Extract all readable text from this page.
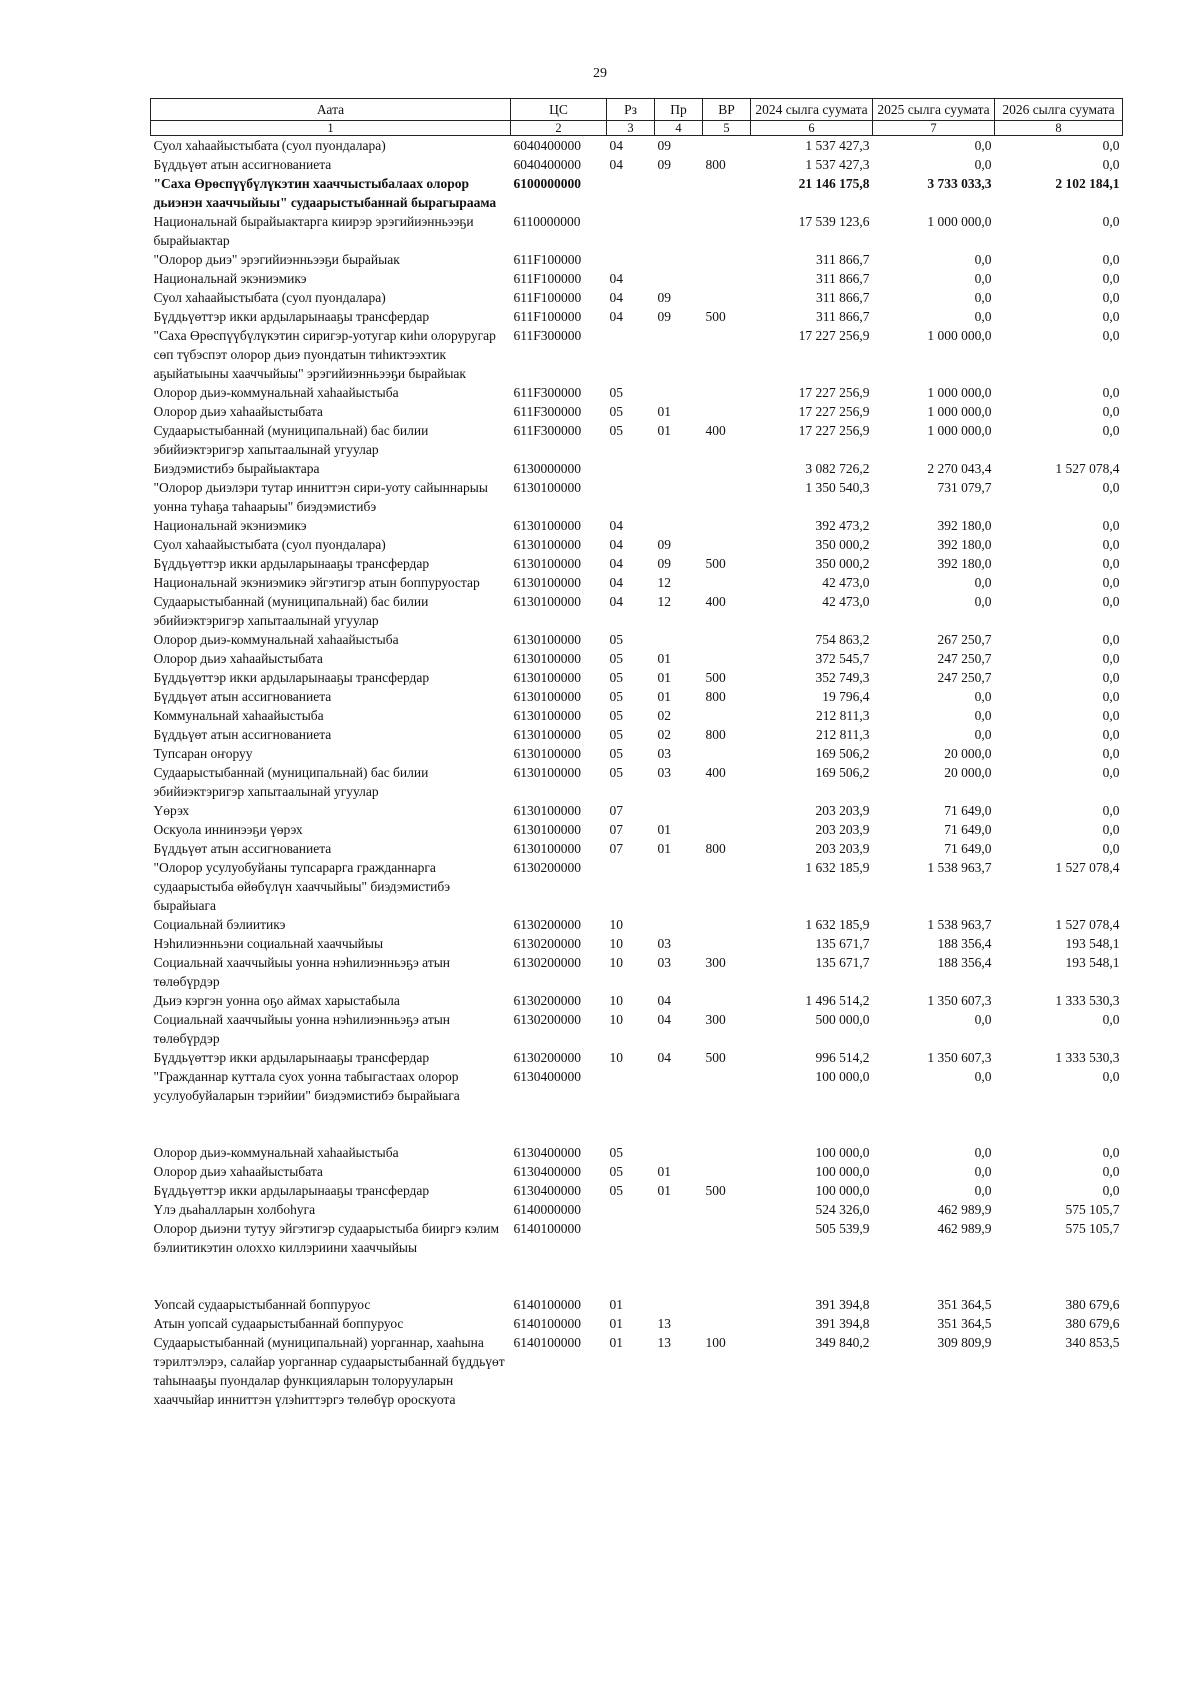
29
Аата	ЦС	Рз	Пр	ВР	2024 сылга суумата	2025 сылга суумата	2026 сылга суумата
1	2	3	4	5	6	7	8
Суол хаһаайыстыбата (суол пуондалара)	6040400000	04	09		1 537 427,3	0,0	0,0
Бүддьүөт атын ассигнованиета	6040400000	04	09	800	1 537 427,3	0,0	0,0
"Саха Өрөспүүбүлүкэтин хааччыстыбалаах олорор дьиэнэн хааччыйыы" судаарыстыбаннай бырагыраама	6100000000				21 146 175,8	3 733 033,3	2 102 184,1
Национальнай бырайыактарга киирэр эрэгийиэнньээҕи бырайыактар	6110000000				17 539 123,6	1 000 000,0	0,0
"Олорор дьиэ" эрэгийиэнньээҕи бырайыак	611F100000				311 866,7	0,0	0,0
Национальнай экэниэмикэ	611F100000	04			311 866,7	0,0	0,0
Суол хаһаайыстыбата (суол пуондалара)	611F100000	04	09		311 866,7	0,0	0,0
Бүддьүөттэр икки ардыларынааҕы трансфердар	611F100000	04	09	500	311 866,7	0,0	0,0
"Саха Өрөспүүбүлүкэтин сиригэр-уотугар киһи олоруругар сөп түбэспэт олорор дьиэ пуондатын тиһиктээхтик аҕыйатыыны хааччыйыы" эрэгийиэнньээҕи бырайыак	611F300000				17 227 256,9	1 000 000,0	0,0
Олорор дьиэ-коммунальнай хаһаайыстыба	611F300000	05			17 227 256,9	1 000 000,0	0,0
Олорор дьиэ хаһаайыстыбата	611F300000	05	01		17 227 256,9	1 000 000,0	0,0
Судаарыстыбаннай (муниципальнай) бас билии эбийиэктэригэр хапытаалынай угуулар	611F300000	05	01	400	17 227 256,9	1 000 000,0	0,0
Биэдэмистибэ бырайыактара	6130000000				3 082 726,2	2 270 043,4	1 527 078,4
"Олорор дьиэлэри тутар инниттэн сири-уоту сайыннарыы уонна туһаҕа таһаарыы" биэдэмистибэ	6130100000				1 350 540,3	731 079,7	0,0
Национальнай экэниэмикэ	6130100000	04			392 473,2	392 180,0	0,0
Суол хаһаайыстыбата (суол пуондалара)	6130100000	04	09		350 000,2	392 180,0	0,0
Бүддьүөттэр икки ардыларынааҕы трансфердар	6130100000	04	09	500	350 000,2	392 180,0	0,0
Национальнай экэниэмикэ эйгэтигэр атын боппуруостар	6130100000	04	12		42 473,0	0,0	0,0
Судаарыстыбаннай (муниципальнай) бас билии эбийиэктэригэр хапытаалынай угуулар	6130100000	04	12	400	42 473,0	0,0	0,0
Олорор дьиэ-коммунальнай хаһаайыстыба	6130100000	05			754 863,2	267 250,7	0,0
Олорор дьиэ хаһаайыстыбата	6130100000	05	01		372 545,7	247 250,7	0,0
Бүддьүөттэр икки ардыларынааҕы трансфердар	6130100000	05	01	500	352 749,3	247 250,7	0,0
Бүддьүөт атын ассигнованиета	6130100000	05	01	800	19 796,4	0,0	0,0
Коммунальнай хаһаайыстыба	6130100000	05	02		212 811,3	0,0	0,0
Бүддьүөт атын ассигнованиета	6130100000	05	02	800	212 811,3	0,0	0,0
Тупсаран оҥоруу	6130100000	05	03		169 506,2	20 000,0	0,0
Судаарыстыбаннай (муниципальнай) бас билии эбийиэктэригэр хапытаалынай угуулар	6130100000	05	03	400	169 506,2	20 000,0	0,0
Үөрэх	6130100000	07			203 203,9	71 649,0	0,0
Оскуола иннинээҕи үөрэх	6130100000	07	01		203 203,9	71 649,0	0,0
Бүддьүөт атын ассигнованиета	6130100000	07	01	800	203 203,9	71 649,0	0,0
"Олорор усулуобуйаны тупсарарга гражданнарга судаарыстыба өйөбүлүн хааччыйыы" биэдэмистибэ бырайыага	6130200000				1 632 185,9	1 538 963,7	1 527 078,4
Социальнай бэлиитикэ	6130200000	10			1 632 185,9	1 538 963,7	1 527 078,4
Нэһилиэнньэни социальнай хааччыйыы	6130200000	10	03		135 671,7	188 356,4	193 548,1
Социальнай хааччыйыы уонна нэһилиэнньэҕэ атын төлөбүрдэр	6130200000	10	03	300	135 671,7	188 356,4	193 548,1
Дьиэ кэргэн уонна оҕо аймах харыстабыла	6130200000	10	04		1 496 514,2	1 350 607,3	1 333 530,3
Социальнай хааччыйыы уонна нэһилиэнньэҕэ атын төлөбүрдэр	6130200000	10	04	300	500 000,0	0,0	0,0
Бүддьүөттэр икки ардыларынааҕы трансфердар	6130200000	10	04	500	996 514,2	1 350 607,3	1 333 530,3
"Гражданнар куттала суох уонна табыгастаах олорор усулуобуйаларын тэрийии" биэдэмистибэ бырайыага	6130400000				100 000,0	0,0	0,0

Олорор дьиэ-коммунальнай хаһаайыстыба	6130400000	05			100 000,0	0,0	0,0
Олорор дьиэ хаһаайыстыбата	6130400000	05	01		100 000,0	0,0	0,0
Бүддьүөттэр икки ардыларынааҕы трансфердар	6130400000	05	01	500	100 000,0	0,0	0,0
Үлэ дьаһалларын холбоһуга	6140000000				524 326,0	462 989,9	575 105,7
Олорор дьиэни тутуу эйгэтигэр судаарыстыба бииргэ кэлим бэлиитикэтин олоххо киллэриини хааччыйыы	6140100000				505 539,9	462 989,9	575 105,7

Уопсай судаарыстыбаннай боппуруос	6140100000	01			391 394,8	351 364,5	380 679,6
Атын уопсай судаарыстыбаннай боппуруос	6140100000	01	13		391 394,8	351 364,5	380 679,6
Судаарыстыбаннай (муниципальнай) уорганнар, хааһына тэрилтэлэрэ, салайар уорганнар судаарыстыбаннай бүддьүөт таһынааҕы пуондалар функцияларын толорууларын хааччыйар инниттэн үлэһиттэргэ төлөбүр ороскуота	6140100000	01	13	100	349 840,2	309 809,9	340 853,5
